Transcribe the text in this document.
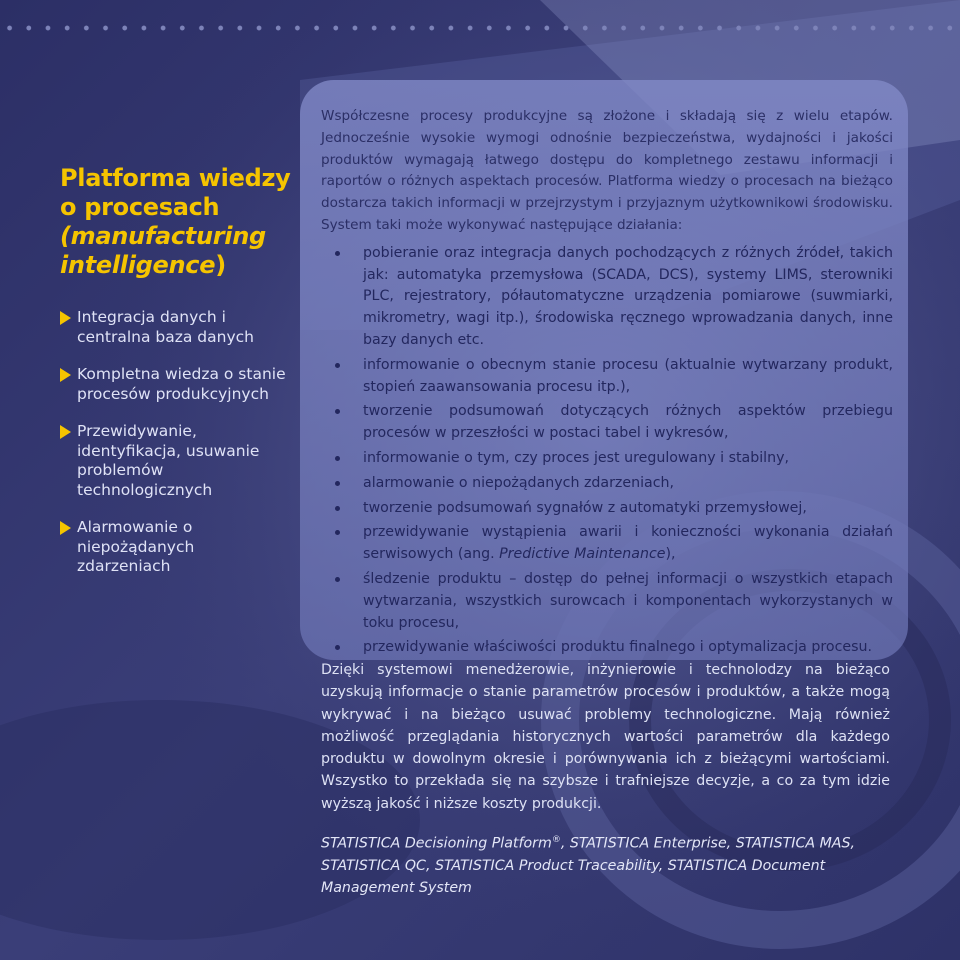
Platforma wiedzy
o procesach
(manufacturing
intelligence)
Integracja danych i centralna baza danych
Kompletna wiedza o stanie procesów produkcyjnych
Przewidywanie, identyfikacja, usuwanie problemów technologicznych
Alarmowanie o niepożądanych zdarzeniach

Współczesne procesy produkcyjne są złożone i składają się z wielu etapów. Jednocześnie wysokie wymogi odnośnie bezpieczeństwa, wydajności i jakości produktów wymagają łatwego dostępu do kompletnego zestawu informacji i raportów o różnych aspektach procesów. Platforma wiedzy o procesach na bieżąco dostarcza takich informacji w przejrzystym i przyjaznym użytkownikowi środowisku. System taki może wykonywać następujące działania:

pobieranie oraz integracja danych pochodzących z różnych źródeł, takich jak: automatyka przemysłowa (SCADA, DCS), systemy LIMS, sterowniki PLC, rejestratory, półautomatyczne urządzenia pomiarowe (suwmiarki, mikrometry, wagi itp.), środowiska ręcznego wprowadzania danych, inne bazy danych etc.
informowanie o obecnym stanie procesu (aktualnie wytwarzany produkt, stopień zaawansowania procesu itp.),
tworzenie podsumowań dotyczących różnych aspektów przebiegu procesów w przeszłości w postaci tabel i wykresów,
informowanie o tym, czy proces jest uregulowany i stabilny,
alarmowanie o niepożądanych zdarzeniach,
tworzenie podsumowań sygnałów z automatyki przemysłowej,
przewidywanie wystąpienia awarii i konieczności wykonania działań serwisowych (ang. Predictive Maintenance),
śledzenie produktu – dostęp do pełnej informacji o wszystkich etapach wytwarzania, wszystkich surowcach i komponentach wykorzystanych w toku procesu,
przewidywanie właściwości produktu finalnego i optymalizacja procesu.

Dzięki systemowi menedżerowie, inżynierowie i technolodzy na bieżąco uzyskują informacje o stanie parametrów procesów i produktów, a także mogą wykrywać i na bieżąco usuwać problemy technologiczne. Mają również możliwość przeglądania historycznych wartości parametrów dla każdego produktu w dowolnym okresie i porównywania ich z bieżącymi wartościami. Wszystko to przekłada się na szybsze i trafniejsze decyzje, a co za tym idzie wyższą jakość i niższe koszty produkcji.

STATISTICA Decisioning Platform®, STATISTICA Enterprise, STATISTICA MAS, STATISTICA QC, STATISTICA Product Traceability, STATISTICA Document Management System
